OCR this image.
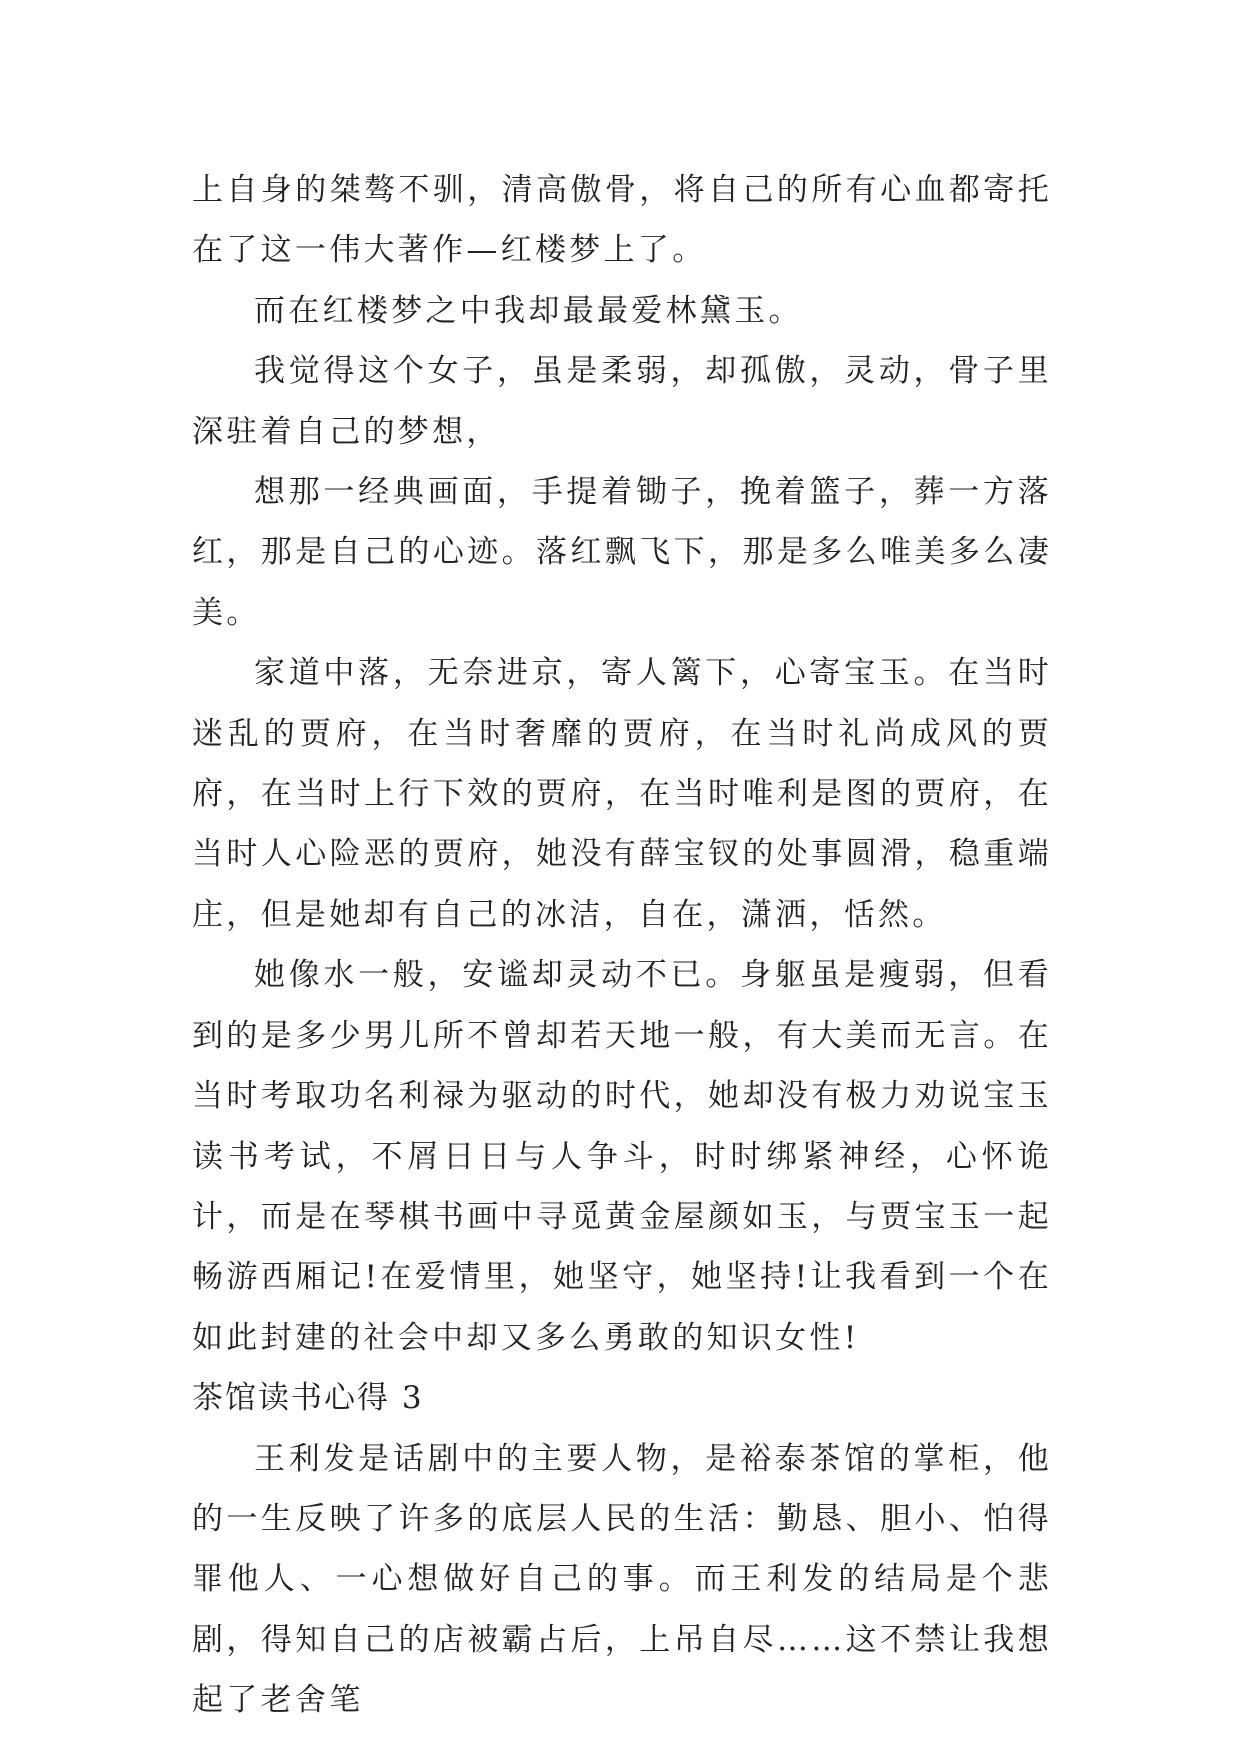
上自身的桀骜不驯，清高傲骨，将自己的所有心血都寄托在了这一伟大著作—红楼梦上了。

而在红楼梦之中我却最最爱林黛玉。

我觉得这个女子，虽是柔弱，却孤傲，灵动，骨子里深驻着自己的梦想，

想那一经典画面，手提着锄子，挽着篮子，葬一方落红，那是自己的心迹。落红飘飞下，那是多么唯美多么凄美。

家道中落，无奈进京，寄人篱下，心寄宝玉。在当时迷乱的贾府，在当时奢靡的贾府，在当时礼尚成风的贾府，在当时上行下效的贾府，在当时唯利是图的贾府，在当时人心险恶的贾府，她没有薛宝钗的处事圆滑，稳重端庄，但是她却有自己的冰洁，自在，潇洒，恬然。

她像水一般，安谧却灵动不已。身躯虽是瘦弱，但看到的是多少男儿所不曾却若天地一般，有大美而无言。在当时考取功名利禄为驱动的时代，她却没有极力劝说宝玉读书考试，不屑日日与人争斗，时时绑紧神经，心怀诡计，而是在琴棋书画中寻觅黄金屋颜如玉，与贾宝玉一起畅游西厢记!在爱情里，她坚守，她坚持!让我看到一个在如此封建的社会中却又多么勇敢的知识女性!

茶馆读书心得 3

王利发是话剧中的主要人物，是裕泰茶馆的掌柜，他的一生反映了许多的底层人民的生活：勤恳、胆小、怕得罪他人、一心想做好自己的事。而王利发的结局是个悲剧，得知自己的店被霸占后，上吊自尽……这不禁让我想起了老舍笔
